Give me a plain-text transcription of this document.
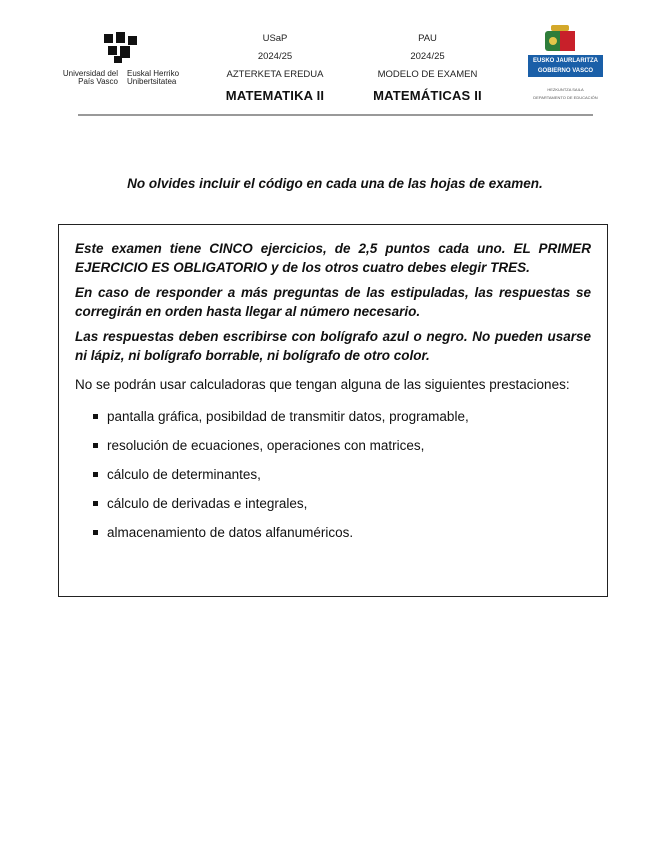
Universidad del País Vasco
Euskal Herriko Unibertsitatea
USaP
2024/25
AZTERKETA EREDUA
MATEMATIKA II
PAU
2024/25
MODELO DE EXAMEN
MATEMÁTICAS II
EUSKO JAURLARITZA
GOBIERNO VASCO
HEZKUNTZA SAILA
DEPARTAMENTO DE EDUCACIÓN
No olvides incluir el código en cada una de las hojas de examen.

Este examen tiene CINCO ejercicios, de 2,5 puntos cada uno. EL PRIMER EJERCICIO ES OBLIGATORIO y de los otros cuatro debes elegir TRES.

En caso de responder a más preguntas de las estipuladas, las respuestas se corregirán en orden hasta llegar al número necesario.

Las respuestas deben escribirse con bolígrafo azul o negro. No pueden usarse ni lápiz, ni bolígrafo borrable, ni bolígrafo de otro color.

No se podrán usar calculadoras que tengan alguna de las siguientes prestaciones:

pantalla gráfica, posibildad de transmitir datos, programable,
resolución de ecuaciones, operaciones con matrices,
cálculo de determinantes,
cálculo de derivadas e integrales,
almacenamiento de datos alfanuméricos.
